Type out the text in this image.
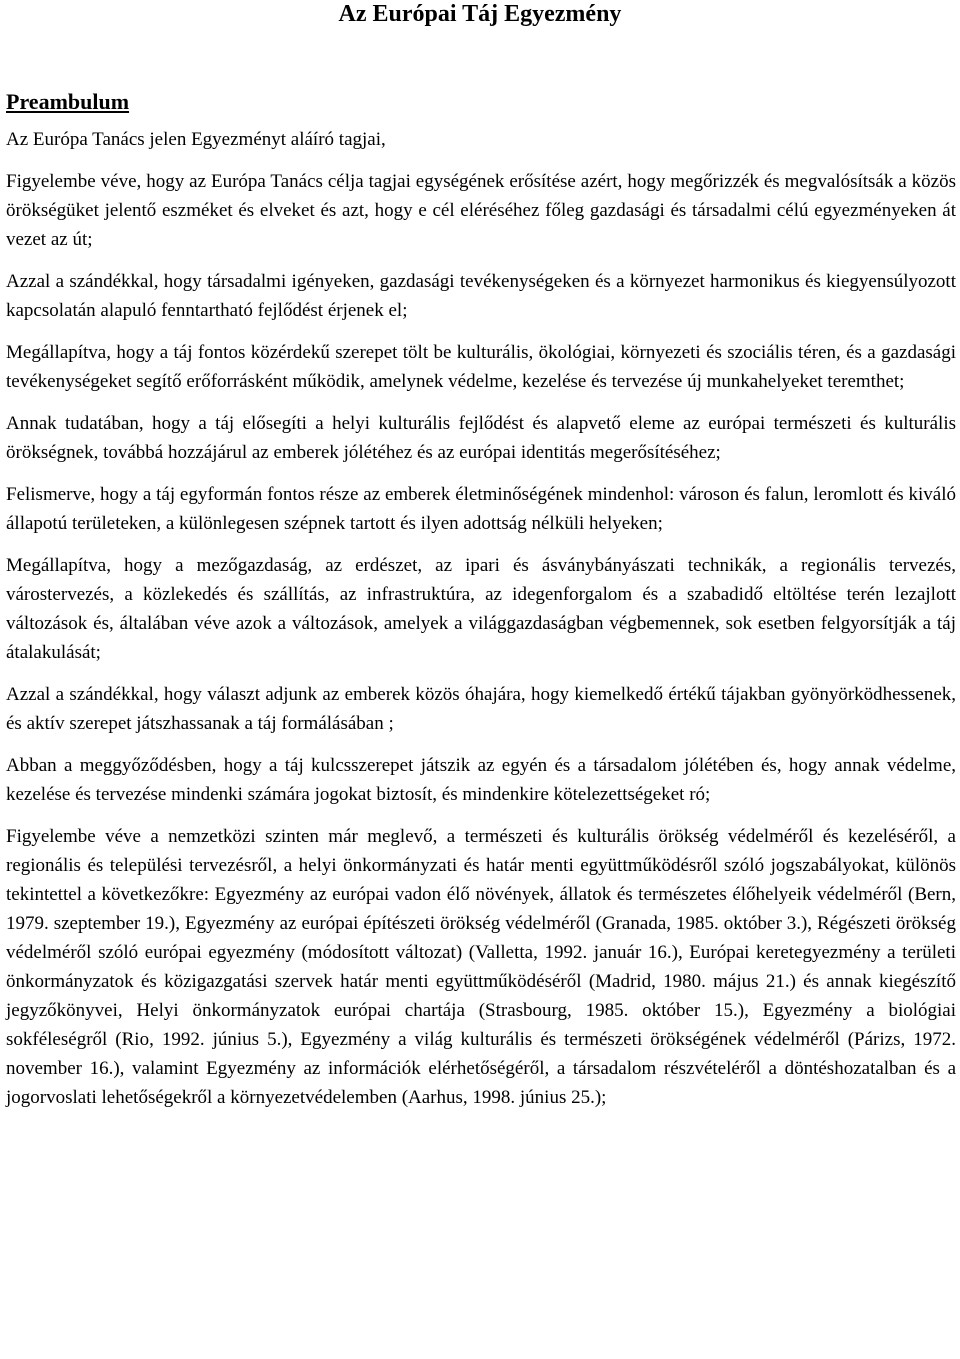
Az Európai Táj Egyezmény
Preambulum

Az Európa Tanács jelen Egyezményt aláíró tagjai,

Figyelembe véve, hogy az Európa Tanács célja tagjai egységének erősítése azért, hogy megőrizzék és megvalósítsák a közös örökségüket jelentő eszméket és elveket és azt, hogy e cél eléréséhez főleg gazdasági és társadalmi célú egyezményeken át vezet az út;

Azzal a szándékkal, hogy társadalmi igényeken, gazdasági tevékenységeken és a környezet harmonikus és kiegyensúlyozott kapcsolatán alapuló fenntartható fejlődést érjenek el;

Megállapítva, hogy a táj fontos közérdekű szerepet tölt be kulturális, ökológiai, környezeti és szociális téren, és a gazdasági tevékenységeket segítő erőforrásként működik, amelynek védelme, kezelése és tervezése új munkahelyeket teremthet;

Annak tudatában, hogy a táj elősegíti a helyi kulturális fejlődést és alapvető eleme az európai természeti és kulturális örökségnek, továbbá hozzájárul az emberek jólétéhez és az európai identitás megerősítéséhez;

Felismerve, hogy a táj egyformán fontos része az emberek életminőségének mindenhol: városon és falun, leromlott és kiváló állapotú területeken, a különlegesen szépnek tartott és ilyen adottság nélküli helyeken;

Megállapítva, hogy a mezőgazdaság, az erdészet, az ipari és ásványbányászati technikák, a regionális tervezés, várostervezés, a közlekedés és szállítás, az infrastruktúra, az idegenforgalom és a szabadidő eltöltése terén lezajlott változások és, általában véve azok a változások, amelyek a világgazdaságban végbemennek, sok esetben felgyorsítják a táj átalakulását;

Azzal a szándékkal, hogy választ adjunk az emberek közös óhajára, hogy kiemelkedő értékű tájakban gyönyörködhessenek, és aktív szerepet játszhassanak a táj formálásában ;

Abban a meggyőződésben, hogy a táj kulcsszerepet játszik az egyén és a társadalom jólétében és, hogy annak védelme, kezelése és tervezése mindenki számára jogokat biztosít, és mindenkire kötelezettségeket ró;

Figyelembe véve a nemzetközi szinten már meglevő, a természeti és kulturális örökség védelméről és kezeléséről, a regionális és települési tervezésről, a helyi önkormányzati és határ menti együttműködésről szóló jogszabályokat, különös tekintettel a következőkre: Egyezmény az európai vadon élő növények, állatok és természetes élőhelyeik védelméről (Bern, 1979. szeptember 19.), Egyezmény az európai építészeti örökség védelméről (Granada, 1985. október 3.), Régészeti örökség védelméről szóló európai egyezmény (módosított változat) (Valletta, 1992. január 16.), Európai keretegyezmény a területi önkormányzatok és közigazgatási szervek határ menti együttműködéséről (Madrid, 1980. május 21.) és annak kiegészítő jegyzőkönyvei, Helyi önkormányzatok európai chartája (Strasbourg, 1985. október 15.), Egyezmény a biológiai sokféleségről (Rio, 1992. június 5.), Egyezmény a világ kulturális és természeti örökségének védelméről (Párizs, 1972. november 16.), valamint Egyezmény az információk elérhetőségéről, a társadalom részvételéről a döntéshozatalban és a jogorvoslati lehetőségekről a környezetvédelemben (Aarhus, 1998. június 25.);
